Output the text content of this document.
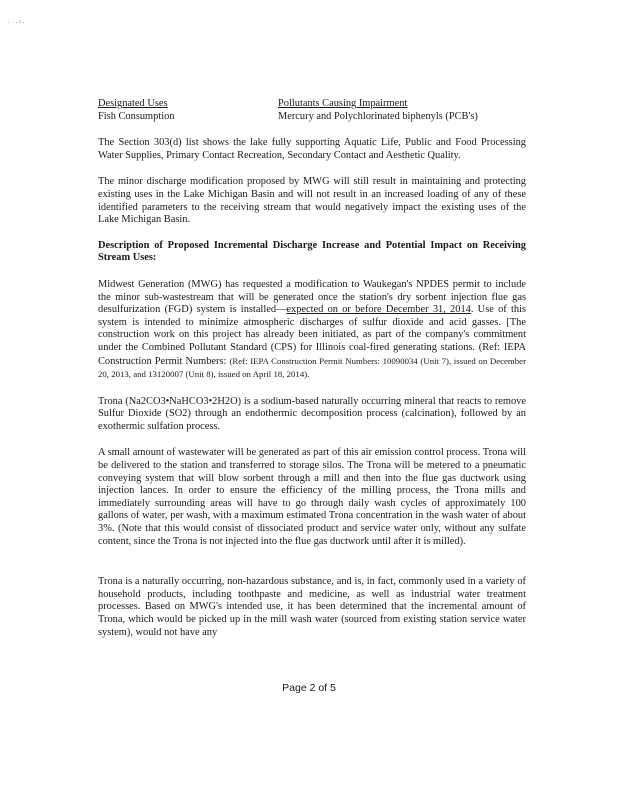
· ·ˡ·
Designated Uses	Pollutants Causing Impairment
Fish Consumption	Mercury and Polychlorinated biphenyls (PCB's)

The Section 303(d) list shows the lake fully supporting Aquatic Life, Public and Food Processing Water Supplies, Primary Contact Recreation, Secondary Contact and Aesthetic Quality.

The minor discharge modification proposed by MWG will still result in maintaining and protecting existing uses in the Lake Michigan Basin and will not result in an increased loading of any of these identified parameters to the receiving stream that would negatively impact the existing uses of the Lake Michigan Basin.

Description of Proposed Incremental Discharge Increase and Potential Impact on Receiving Stream Uses:

Midwest Generation (MWG) has requested a modification to Waukegan's NPDES permit to include the minor sub-wastestream that will be generated once the station's dry sorbent injection flue gas desulfurization (FGD) system is installed—expected on or before December 31, 2014. Use of this system is intended to minimize atmospheric discharges of sulfur dioxide and acid gasses. [The construction work on this project has already been initiated, as part of the company's commitment under the Combined Pollutant Standard (CPS) for Illinois coal-fired generating stations. (Ref: IEPA Construction Permit Numbers: (Ref: IEPA Construction Permit Numbers: 10090034 (Unit 7), issued on December 20, 2013, and 13120007 (Unit 8), issued on April 18, 2014).

Trona (Na2CO3•NaHCO3•2H2O) is a sodium-based naturally occurring mineral that reacts to remove Sulfur Dioxide (SO2) through an endothermic decomposition process (calcination), followed by an exothermic sulfation process.

A small amount of wastewater will be generated as part of this air emission control process. Trona will be delivered to the station and transferred to storage silos. The Trona will be metered to a pneumatic conveying system that will blow sorbent through a mill and then into the flue gas ductwork using injection lances. In order to ensure the efficiency of the milling process, the Trona mills and immediately surrounding areas will have to go through daily wash cycles of approximately 100 gallons of water, per wash, with a maximum estimated Trona concentration in the wash water of about 3%. (Note that this would consist of dissociated product and service water only, without any sulfate content, since the Trona is not injected into the flue gas ductwork until after it is milled).

Trona is a naturally occurring, non-hazardous substance, and is, in fact, commonly used in a variety of household products, including toothpaste and medicine, as well as industrial water treatment processes. Based on MWG's intended use, it has been determined that the incremental amount of Trona, which would be picked up in the mill wash water (sourced from existing station service water system), would not have any

Page 2 of 5
